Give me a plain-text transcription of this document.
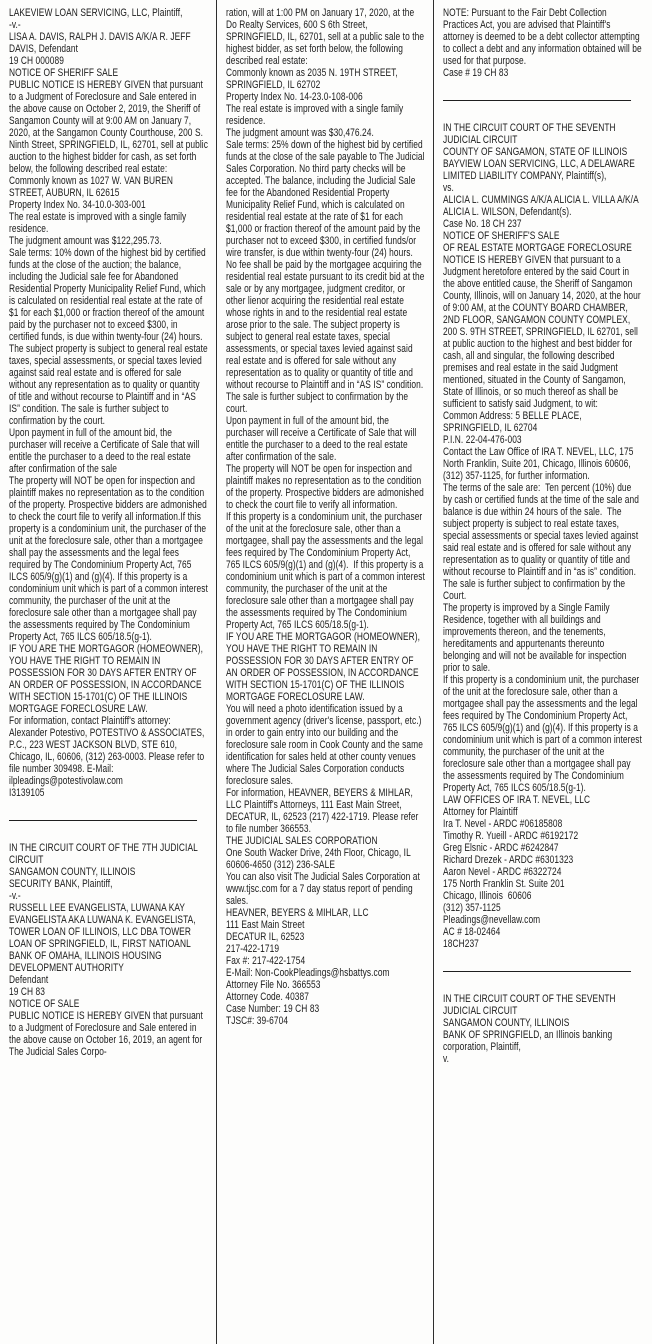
LAKEVIEW LOAN SERVICING, LLC, Plaintiff,
-v.-
LISA A. DAVIS, RALPH J. DAVIS A/K/A R. JEFF DAVIS, Defendant
19 CH 000089
NOTICE OF SHERIFF SALE
PUBLIC NOTICE IS HEREBY GIVEN that pursuant to a Judgment of Foreclosure and Sale entered in the above cause on October 2, 2019, the Sheriff of Sangamon County will at 9:00 AM on January 7, 2020, at the Sangamon County Courthouse, 200 S. Ninth Street, SPRINGFIELD, IL, 62701, sell at public auction to the highest bidder for cash, as set forth below, the following described real estate:
Commonly known as 1027 W. VAN BUREN STREET, AUBURN, IL 62615
Property Index No. 34-10.0-303-001
The real estate is improved with a single family residence.
The judgment amount was $122,295.73.
Sale terms: 10% down of the highest bid by certified funds at the close of the auction; the balance, including the Judicial sale fee for Abandoned Residential Property Municipality Relief Fund, which is calculated on residential real estate at the rate of $1 for each $1,000 or fraction thereof of the amount paid by the purchaser not to exceed $300, in certified funds, is due within twenty-four (24) hours. The subject property is subject to general real estate taxes, special assessments, or special taxes levied against said real estate and is offered for sale without any representation as to quality or quantity of title and without recourse to Plaintiff and in “AS IS” condition. The sale is further subject to confirmation by the court.
Upon payment in full of the amount bid, the purchaser will receive a Certificate of Sale that will entitle the purchaser to a deed to the real estate after confirmation of the sale
The property will NOT be open for inspection and plaintiff makes no representation as to the condition of the property. Prospective bidders are admonished to check the court file to verify all information.If this property is a condominium unit, the purchaser of the unit at the foreclosure sale, other than a mortgagee shall pay the assessments and the legal fees required by The Condominium Property Act, 765 ILCS 605/9(g)(1) and (g)(4). If this property is a condominium unit which is part of a common interest community, the purchaser of the unit at the foreclosure sale other than a mortgagee shall pay the assessments required by The Condominium Property Act, 765 ILCS 605/18.5(g-1).
IF YOU ARE THE MORTGAGOR (HOMEOWNER), YOU HAVE THE RIGHT TO REMAIN IN POSSESSION FOR 30 DAYS AFTER ENTRY OF AN ORDER OF POSSESSION, IN ACCORDANCE WITH SECTION 15-1701(C) OF THE ILLINOIS MORTGAGE FORECLOSURE LAW.
For information, contact Plaintiff's attorney: Alexander Potestivo, POTESTIVO & ASSOCIATES, P.C., 223 WEST JACKSON BLVD, STE 610, Chicago, IL, 60606, (312) 263-0003. Please refer to file number 309498. E-Mail: ilpleadings@potestivolaw.com
I3139105
IN THE CIRCUIT COURT OF THE 7TH JUDICIAL CIRCUIT
SANGAMON COUNTY, ILLINOIS
SECURITY BANK, Plaintiff,
-v.-
RUSSELL LEE EVANGELISTA, LUWANA KAY EVANGELISTA AKA LUWANA K. EVANGELISTA, TOWER LOAN OF ILLINOIS, LLC DBA TOWER LOAN OF SPRINGFIELD, IL, FIRST NATIOANL BANK OF OMAHA, ILLINOIS HOUSING DEVELOPMENT AUTHORITY
Defendant
19 CH 83
NOTICE OF SALE
PUBLIC NOTICE IS HEREBY GIVEN that pursuant to a Judgment of Foreclosure and Sale entered in the above cause on October 16, 2019, an agent for The Judicial Sales Corpo-
ration, will at 1:00 PM on January 17, 2020, at the Do Realty Services, 600 S 6th Street, SPRINGFIELD, IL, 62701, sell at a public sale to the highest bidder, as set forth below, the following described real estate:
Commonly known as 2035 N. 19TH STREET, SPRINGFIELD, IL 62702
Property Index No. 14-23.0-108-006
The real estate is improved with a single family residence.
The judgment amount was $30,476.24.
Sale terms: 25% down of the highest bid by certified funds at the close of the sale payable to The Judicial Sales Corporation. No third party checks will be accepted. The balance, including the Judicial Sale fee for the Abandoned Residential Property Municipality Relief Fund, which is calculated on residential real estate at the rate of $1 for each $1,000 or fraction thereof of the amount paid by the purchaser not to exceed $300, in certified funds/or wire transfer, is due within twenty-four (24) hours. No fee shall be paid by the mortgagee acquiring the residential real estate pursuant to its credit bid at the sale or by any mortgagee, judgment creditor, or other lienor acquiring the residential real estate whose rights in and to the residential real estate arose prior to the sale. The subject property is subject to general real estate taxes, special assessments, or special taxes levied against said real estate and is offered for sale without any representation as to quality or quantity of title and without recourse to Plaintiff and in “AS IS” condition. The sale is further subject to confirmation by the court.
Upon payment in full of the amount bid, the purchaser will receive a Certificate of Sale that will entitle the purchaser to a deed to the real estate after confirmation of the sale.
The property will NOT be open for inspection and plaintiff makes no representation as to the condition of the property. Prospective bidders are admonished to check the court file to verify all information.
If this property is a condominium unit, the purchaser of the unit at the foreclosure sale, other than a mortgagee, shall pay the assessments and the legal fees required by The Condominium Property Act, 765 ILCS 605/9(g)(1) and (g)(4).  If this property is a condominium unit which is part of a common interest community, the purchaser of the unit at the foreclosure sale other than a mortgagee shall pay the assessments required by The Condominium Property Act, 765 ILCS 605/18.5(g-1).
IF YOU ARE THE MORTGAGOR (HOMEOWNER), YOU HAVE THE RIGHT TO REMAIN IN POSSESSION FOR 30 DAYS AFTER ENTRY OF AN ORDER OF POSSESSION, IN ACCORDANCE WITH SECTION 15-1701(C) OF THE ILLINOIS MORTGAGE FORECLOSURE LAW.
You will need a photo identification issued by a government agency (driver's license, passport, etc.) in order to gain entry into our building and the foreclosure sale room in Cook County and the same identification for sales held at other county venues where The Judicial Sales Corporation conducts foreclosure sales.
For information, HEAVNER, BEYERS & MIHLAR, LLC Plaintiff's Attorneys, 111 East Main Street, DECATUR, IL, 62523 (217) 422-1719. Please refer to file number 366553.
THE JUDICIAL SALES CORPORATION
One South Wacker Drive, 24th Floor, Chicago, IL 60606-4650 (312) 236-SALE
You can also visit The Judicial Sales Corporation at www.tjsc.com for a 7 day status report of pending sales.
HEAVNER, BEYERS & MIHLAR, LLC
111 East Main Street
DECATUR IL, 62523
217-422-1719
Fax #: 217-422-1754
E-Mail: Non-CookPleadings@hsbattys.com
Attorney File No. 366553
Attorney Code. 40387
Case Number: 19 CH 83
TJSC#: 39-6704
NOTE: Pursuant to the Fair Debt Collection Practices Act, you are advised that Plaintiff's attorney is deemed to be a debt collector attempting to collect a debt and any information obtained will be used for that purpose.
Case # 19 CH 83
IN THE CIRCUIT COURT OF THE SEVENTH JUDICIAL CIRCUIT
COUNTY OF SANGAMON, STATE OF ILLINOIS
BAYVIEW LOAN SERVICING, LLC, A DELAWARE LIMITED LIABILITY COMPANY, Plaintiff(s),
vs.
ALICIA L. CUMMINGS A/K/A ALICIA L. VILLA A/K/A ALICIA L. WILSON, Defendant(s).
Case No. 18 CH 237
NOTICE OF SHERIFF'S SALE
OF REAL ESTATE MORTGAGE FORECLOSURE
NOTICE IS HEREBY GIVEN that pursuant to a Judgment heretofore entered by the said Court in the above entitled cause, the Sheriff of Sangamon County, Illinois, will on January 14, 2020, at the hour of 9:00 AM, at the COUNTY BOARD CHAMBER, 2ND FLOOR, SANGAMON COUNTY COMPLEX, 200 S. 9TH STREET, SPRINGFIELD, IL 62701, sell at public auction to the highest and best bidder for cash, all and singular, the following described premises and real estate in the said Judgment mentioned, situated in the County of Sangamon, State of Illinois, or so much thereof as shall be sufficient to satisfy said Judgment, to wit:
Common Address: 5 BELLE PLACE, SPRINGFIELD, IL 62704
P.I.N. 22-04-476-003
Contact the Law Office of IRA T. NEVEL, LLC, 175 North Franklin, Suite 201, Chicago, Illinois 60606, (312) 357-1125, for further information.
The terms of the sale are:  Ten percent (10%) due by cash or certified funds at the time of the sale and balance is due within 24 hours of the sale.  The subject property is subject to real estate taxes, special assessments or special taxes levied against said real estate and is offered for sale without any representation as to quality or quantity of title and without recourse to Plaintiff and in “as is” condition.  The sale is further subject to confirmation by the Court.
The property is improved by a Single Family Residence, together with all buildings and improvements thereon, and the tenements, hereditaments and appurtenants thereunto belonging and will not be available for inspection prior to sale.
If this property is a condominium unit, the purchaser of the unit at the foreclosure sale, other than a mortgagee shall pay the assessments and the legal fees required by The Condominium Property Act, 765 ILCS 605/9(g)(1) and (g)(4). If this property is a condominium unit which is part of a common interest community, the purchaser of the unit at the foreclosure sale other than a mortgagee shall pay the assessments required by The Condominium Property Act, 765 ILCS 605/18.5(g-1).
LAW OFFICES OF IRA T. NEVEL, LLC
Attorney for Plaintiff
Ira T. Nevel - ARDC #06185808
Timothy R. Yueill - ARDC #6192172
Greg Elsnic - ARDC #6242847
Richard Drezek - ARDC #6301323
Aaron Nevel - ARDC #6322724
175 North Franklin St. Suite 201
Chicago, Illinois  60606
(312) 357-1125
Pleadings@nevellaw.com
AC # 18-02464
18CH237
IN THE CIRCUIT COURT OF THE SEVENTH JUDICIAL CIRCUIT
SANGAMON COUNTY, ILLINOIS
BANK OF SPRINGFIELD, an Illinois banking corporation, Plaintiff,
v.
